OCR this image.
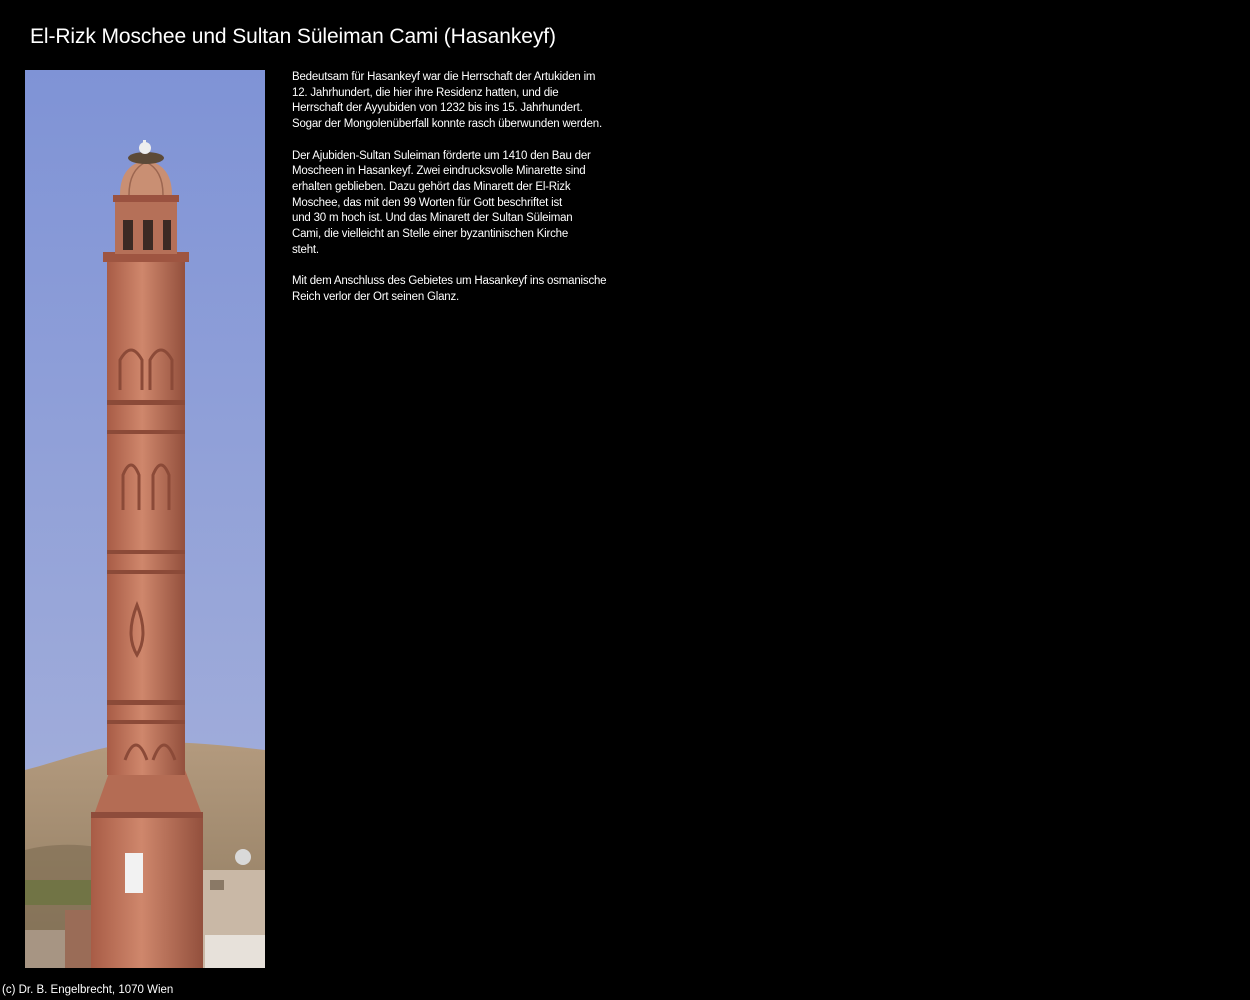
El-Rizk Moschee und Sultan Süleiman Cami (Hasankeyf)

Bedeutsam für Hasankeyf war die Herrschaft der Artukiden im
12. Jahrhundert, die hier ihre Residenz hatten, und die
Herrschaft der Ayyubiden von 1232 bis ins 15. Jahrhundert.
Sogar der Mongolenüberfall konnte rasch überwunden werden.

Der Ajubiden-Sultan Suleiman förderte um 1410 den Bau der
Moscheen in Hasankeyf. Zwei eindrucksvolle Minarette sind
erhalten geblieben. Dazu gehört das Minarett der El-Rizk
Moschee, das mit den 99 Worten für Gott beschriftet ist
und 30 m hoch ist. Und das Minarett der Sultan Süleiman
Cami, die vielleicht an Stelle einer byzantinischen Kirche
steht.

Mit dem Anschluss des Gebietes um Hasankeyf ins osmanische
Reich verlor der Ort seinen Glanz.

(c) Dr. B. Engelbrecht, 1070 Wien
